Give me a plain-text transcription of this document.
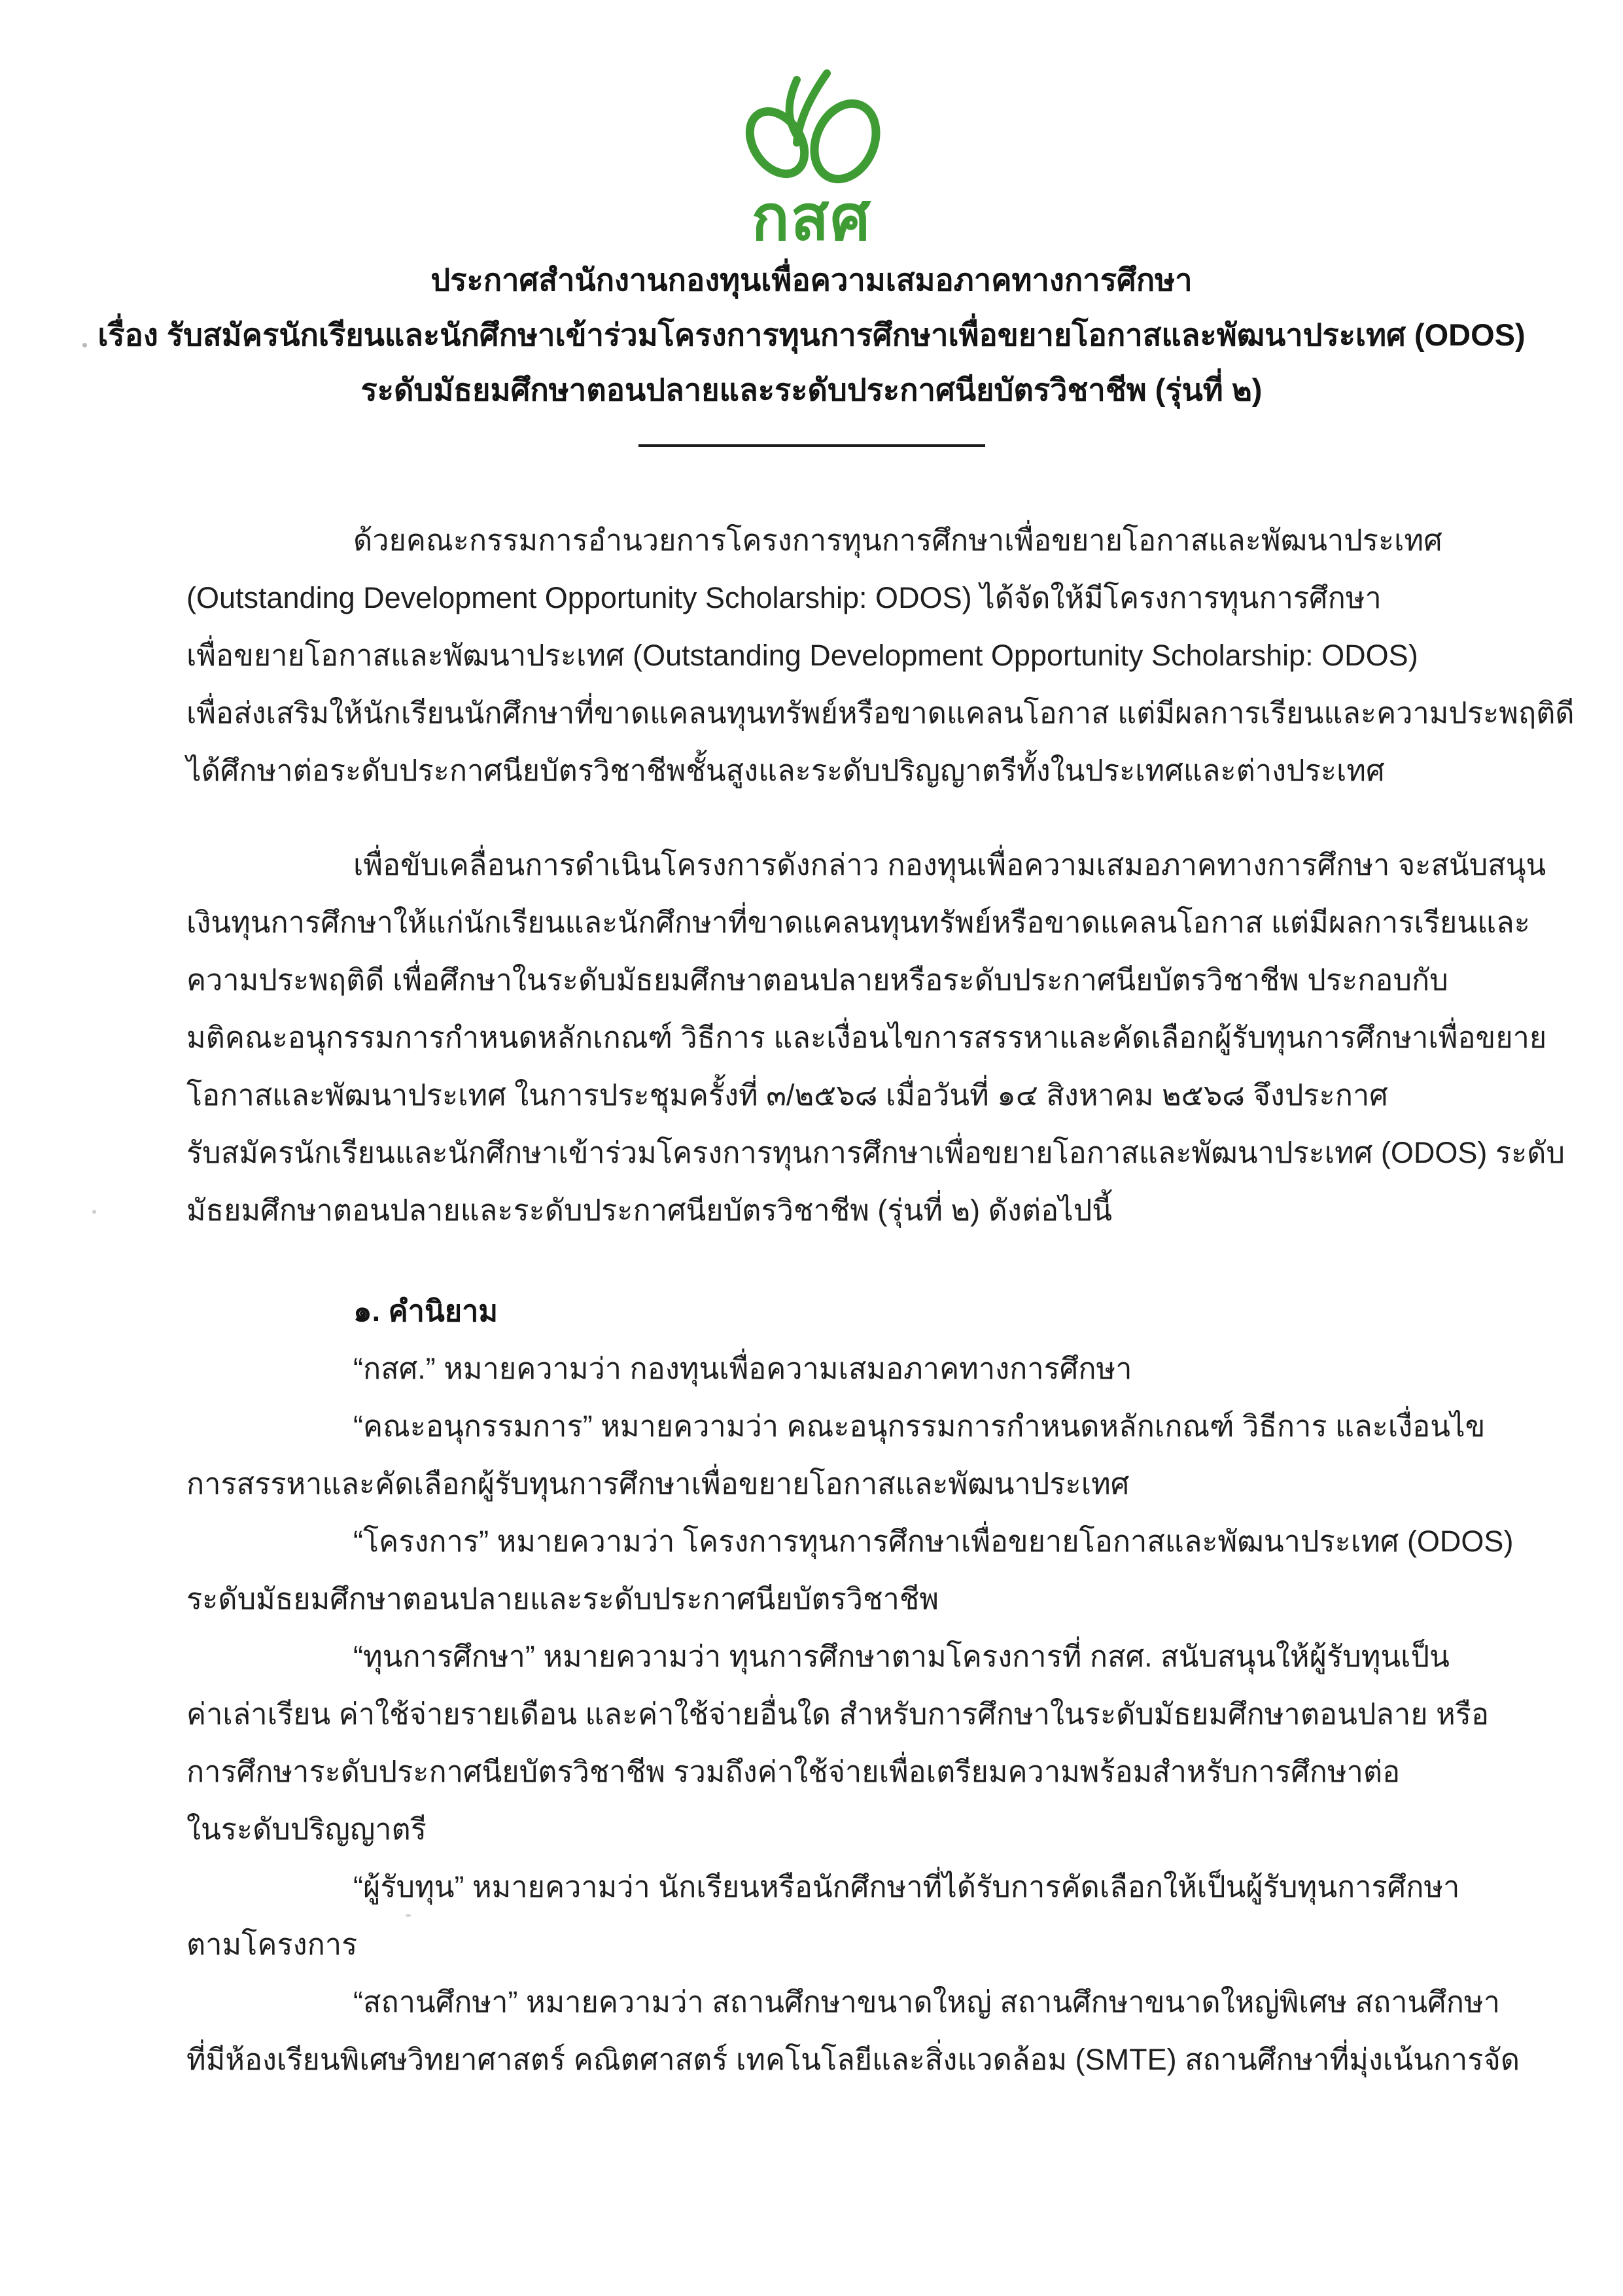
กสศ
ประกาศสำนักงานกองทุนเพื่อความเสมอภาคทางการศึกษา
เรื่อง รับสมัครนักเรียนและนักศึกษาเข้าร่วมโครงการทุนการศึกษาเพื่อขยายโอกาสและพัฒนาประเทศ (ODOS)
ระดับมัธยมศึกษาตอนปลายและระดับประกาศนียบัตรวิชาชีพ (รุ่นที่ ๒)
ด้วยคณะกรรมการอำนวยการโครงการทุนการศึกษาเพื่อขยายโอกาสและพัฒนาประเทศ
(Outstanding Development Opportunity Scholarship: ODOS) ได้จัดให้มีโครงการทุนการศึกษา
เพื่อขยายโอกาสและพัฒนาประเทศ (Outstanding Development Opportunity Scholarship: ODOS)
เพื่อส่งเสริมให้นักเรียนนักศึกษาที่ขาดแคลนทุนทรัพย์หรือขาดแคลนโอกาส แต่มีผลการเรียนและความประพฤติดี
ได้ศึกษาต่อระดับประกาศนียบัตรวิชาชีพชั้นสูงและระดับปริญญาตรีทั้งในประเทศและต่างประเทศ
เพื่อขับเคลื่อนการดำเนินโครงการดังกล่าว กองทุนเพื่อความเสมอภาคทางการศึกษา จะสนับสนุน
เงินทุนการศึกษาให้แก่นักเรียนและนักศึกษาที่ขาดแคลนทุนทรัพย์หรือขาดแคลนโอกาส แต่มีผลการเรียนและ
ความประพฤติดี เพื่อศึกษาในระดับมัธยมศึกษาตอนปลายหรือระดับประกาศนียบัตรวิชาชีพ ประกอบกับ
มติคณะอนุกรรมการกำหนดหลักเกณฑ์ วิธีการ และเงื่อนไขการสรรหาและคัดเลือกผู้รับทุนการศึกษาเพื่อขยาย
โอกาสและพัฒนาประเทศ ในการประชุมครั้งที่ ๓/๒๕๖๘ เมื่อวันที่ ๑๔ สิงหาคม ๒๕๖๘ จึงประกาศ
รับสมัครนักเรียนและนักศึกษาเข้าร่วมโครงการทุนการศึกษาเพื่อขยายโอกาสและพัฒนาประเทศ (ODOS) ระดับ
มัธยมศึกษาตอนปลายและระดับประกาศนียบัตรวิชาชีพ (รุ่นที่ ๒) ดังต่อไปนี้
๑. คำนิยาม
“กสศ.” หมายความว่า กองทุนเพื่อความเสมอภาคทางการศึกษา
“คณะอนุกรรมการ” หมายความว่า คณะอนุกรรมการกำหนดหลักเกณฑ์ วิธีการ และเงื่อนไข
การสรรหาและคัดเลือกผู้รับทุนการศึกษาเพื่อขยายโอกาสและพัฒนาประเทศ
“โครงการ” หมายความว่า โครงการทุนการศึกษาเพื่อขยายโอกาสและพัฒนาประเทศ (ODOS)
ระดับมัธยมศึกษาตอนปลายและระดับประกาศนียบัตรวิชาชีพ
“ทุนการศึกษา” หมายความว่า ทุนการศึกษาตามโครงการที่ กสศ. สนับสนุนให้ผู้รับทุนเป็น
ค่าเล่าเรียน ค่าใช้จ่ายรายเดือน และค่าใช้จ่ายอื่นใด สำหรับการศึกษาในระดับมัธยมศึกษาตอนปลาย หรือ
การศึกษาระดับประกาศนียบัตรวิชาชีพ รวมถึงค่าใช้จ่ายเพื่อเตรียมความพร้อมสำหรับการศึกษาต่อ
ในระดับปริญญาตรี
“ผู้รับทุน” หมายความว่า นักเรียนหรือนักศึกษาที่ได้รับการคัดเลือกให้เป็นผู้รับทุนการศึกษา
ตามโครงการ
“สถานศึกษา” หมายความว่า สถานศึกษาขนาดใหญ่ สถานศึกษาขนาดใหญ่พิเศษ สถานศึกษา
ที่มีห้องเรียนพิเศษวิทยาศาสตร์ คณิตศาสตร์ เทคโนโลยีและสิ่งแวดล้อม (SMTE) สถานศึกษาที่มุ่งเน้นการจัด
